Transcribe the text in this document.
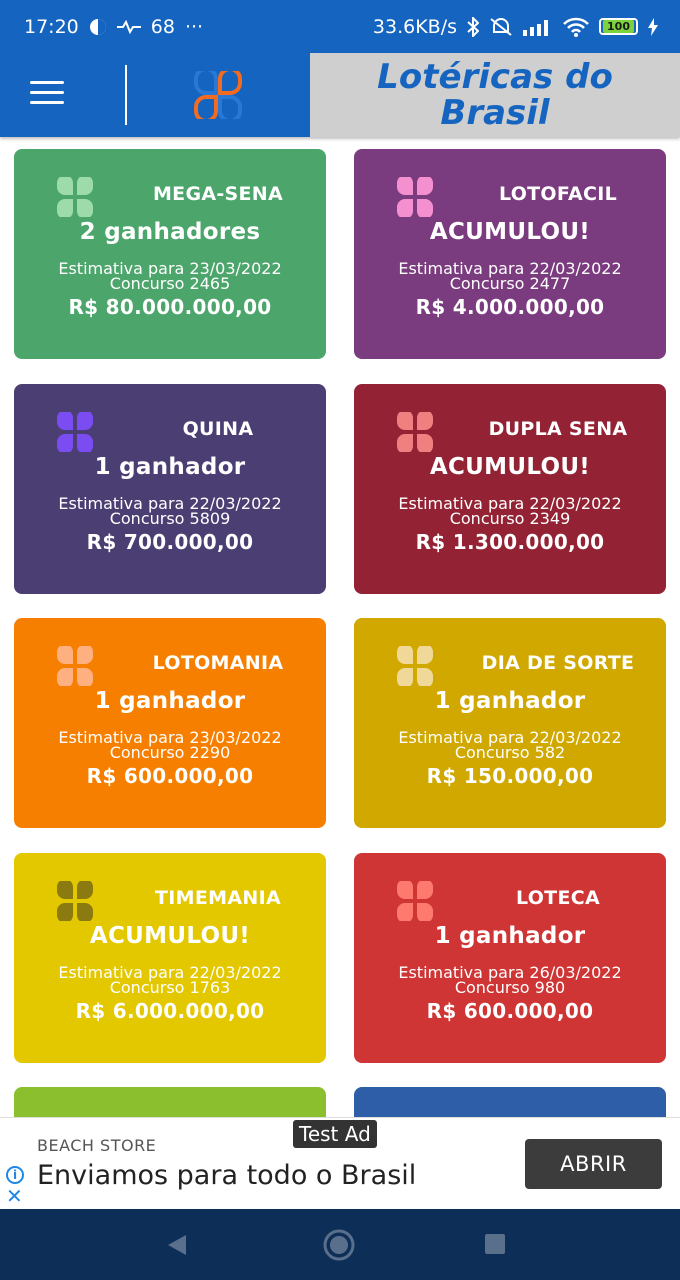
17:20	68 ···	33.6KB/s	100
Lotéricas do
Brasil
MEGA-SENA
2 ganhadores
Estimativa para 23/03/2022
Concurso 2465
R$ 80.000.000,00
LOTOFACIL
ACUMULOU!
Estimativa para 22/03/2022
Concurso 2477
R$ 4.000.000,00
QUINA
1 ganhador
Estimativa para 22/03/2022
Concurso 5809
R$ 700.000,00
DUPLA SENA
ACUMULOU!
Estimativa para 22/03/2022
Concurso 2349
R$ 1.300.000,00
LOTOMANIA
1 ganhador
Estimativa para 23/03/2022
Concurso 2290
R$ 600.000,00
DIA DE SORTE
1 ganhador
Estimativa para 22/03/2022
Concurso 582
R$ 150.000,00
TIMEMANIA
ACUMULOU!
Estimativa para 22/03/2022
Concurso 1763
R$ 6.000.000,00
LOTECA
1 ganhador
Estimativa para 26/03/2022
Concurso 980
R$ 600.000,00
Test Ad
BEACH STORE
Enviamos para todo o Brasil
i
✕
ABRIR
